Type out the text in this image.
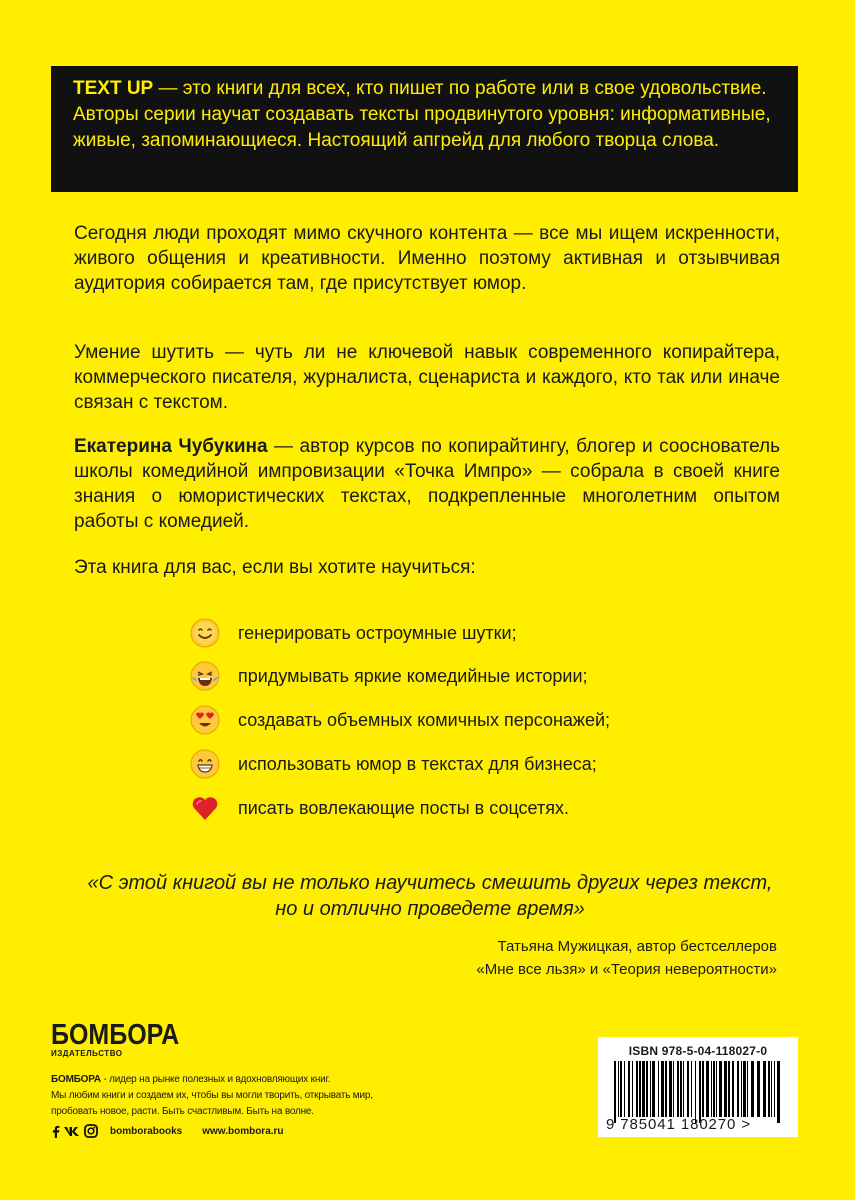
TEXT UP — это книги для всех, кто пишет по работе или в свое удовольствие. Авторы серии научат создавать тексты продвинутого уровня: информативные, живые, запоминающиеся. Настоящий апгрейд для любого творца слова.
Сегодня люди проходят мимо скучного контента — все мы ищем искренности, живого общения и креативности. Именно поэтому активная и отзывчивая аудитория собирается там, где присутствует юмор.
Умение шутить — чуть ли не ключевой навык современного копирайтера, коммерческого писателя, журналиста, сценариста и каждого, кто так или иначе связан с текстом.
Екатерина Чубукина — автор курсов по копирайтингу, блогер и сооснователь школы комедийной импровизации «Точка Импро» — собрала в своей книге знания о юмористических текстах, подкрепленные многолетним опытом работы с комедией.
Эта книга для вас, если вы хотите научиться:
генерировать остроумные шутки;
придумывать яркие комедийные истории;
создавать объемных комичных персонажей;
использовать юмор в текстах для бизнеса;
писать вовлекающие посты в соцсетях.
«С этой книгой вы не только научитесь смешить других через текст,
но и отлично проведете время»
Татьяна Мужицкая, автор бестселлеров
«Мне все льзя» и «Теория невероятности»
БОМБОРА
ИЗДАТЕЛЬСТВО
БОМБОРА - лидер на рынке полезных и вдохновляющих книг.
Мы любим книги и создаем их, чтобы вы могли творить, открывать мир,
пробовать новое, расти. Быть счастливым. Быть на волне.
bomborabooks www.bombora.ru
ISBN 978-5-04-118027-0
9 785041 180270 >
